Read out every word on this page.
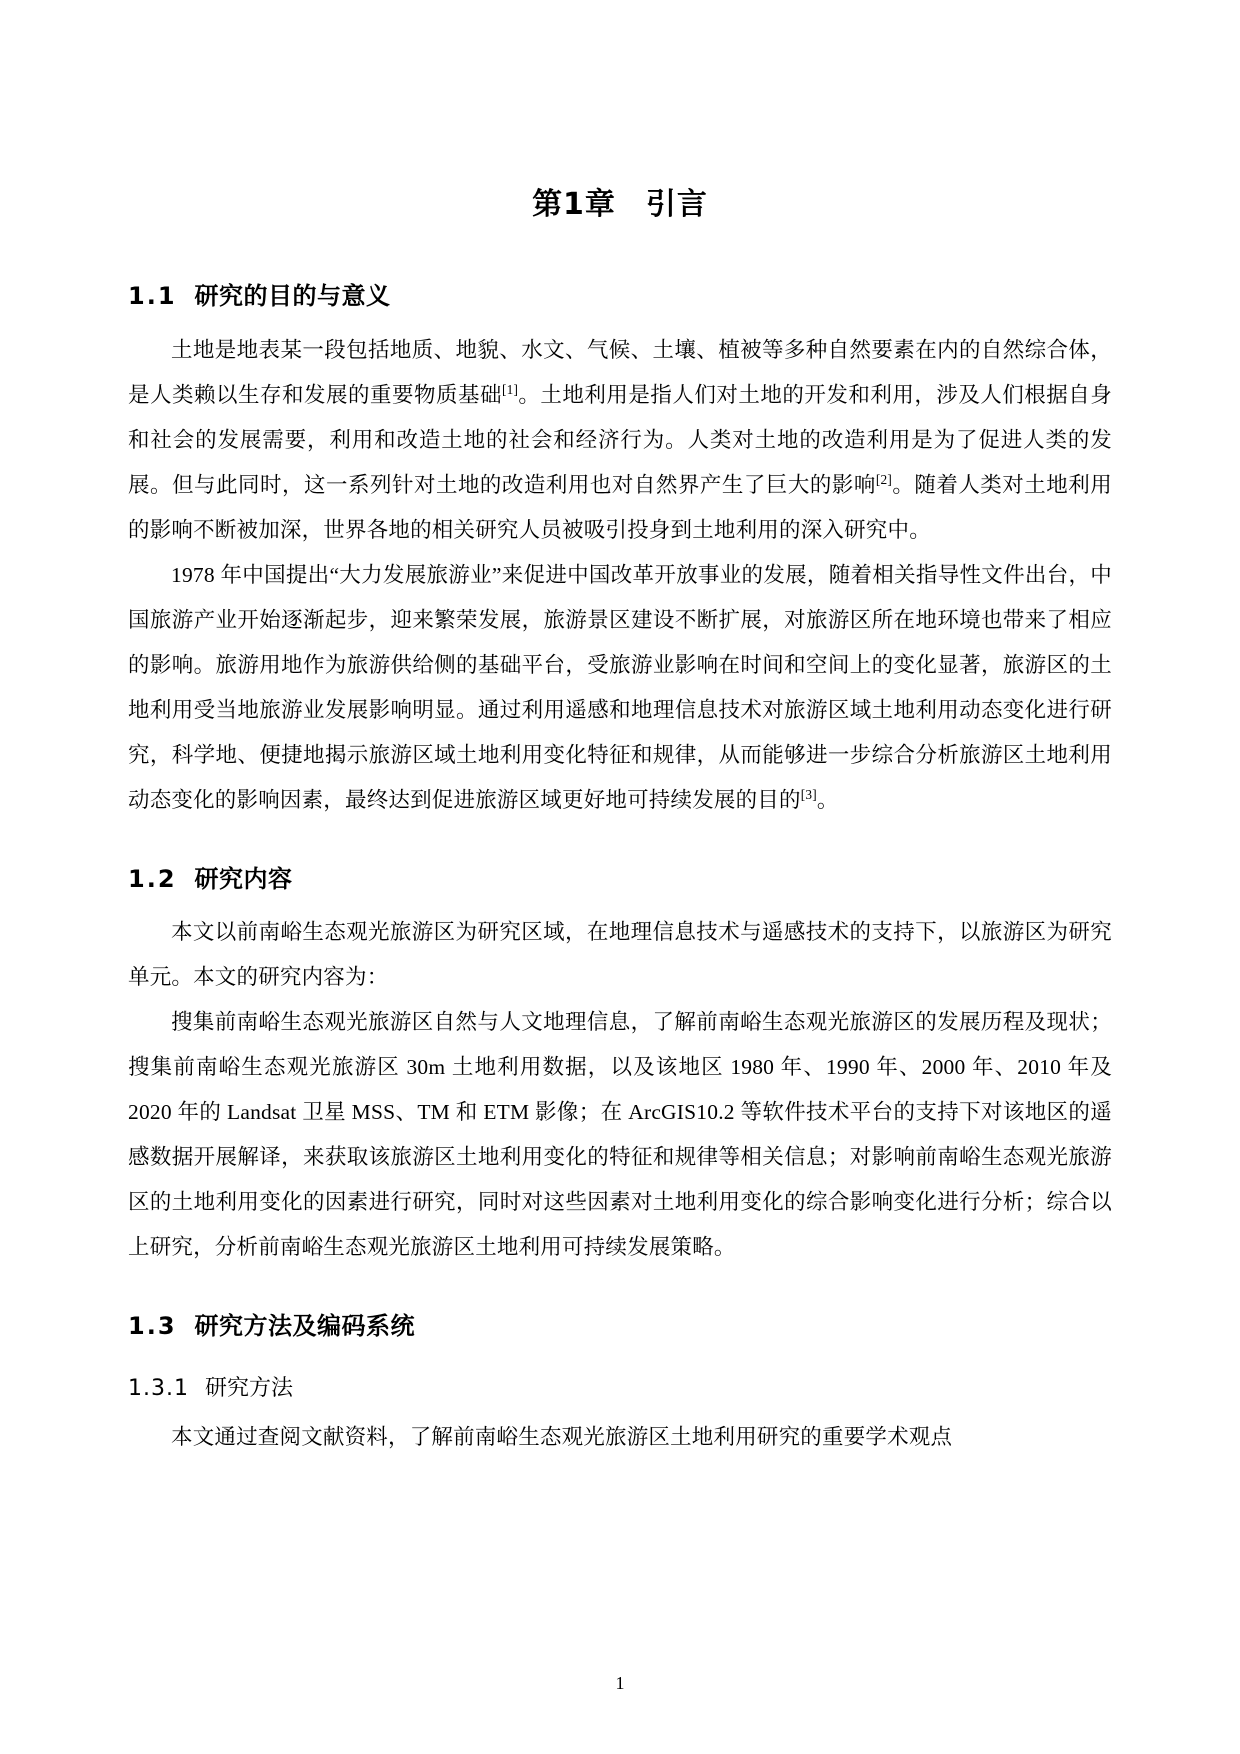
第1章 引言
1.1 研究的目的与意义

土地是地表某一段包括地质、地貌、水文、气候、土壤、植被等多种自然要素在内的自然综合体，是人类赖以生存和发展的重要物质基础[1]。土地利用是指人们对土地的开发和利用，涉及人们根据自身和社会的发展需要，利用和改造土地的社会和经济行为。人类对土地的改造利用是为了促进人类的发展。但与此同时，这一系列针对土地的改造利用也对自然界产生了巨大的影响[2]。随着人类对土地利用的影响不断被加深，世界各地的相关研究人员被吸引投身到土地利用的深入研究中。

1978 年中国提出“大力发展旅游业”来促进中国改革开放事业的发展，随着相关指导性文件出台，中国旅游产业开始逐渐起步，迎来繁荣发展，旅游景区建设不断扩展，对旅游区所在地环境也带来了相应的影响。旅游用地作为旅游供给侧的基础平台，受旅游业影响在时间和空间上的变化显著，旅游区的土地利用受当地旅游业发展影响明显。通过利用遥感和地理信息技术对旅游区域土地利用动态变化进行研究，科学地、便捷地揭示旅游区域土地利用变化特征和规律，从而能够进一步综合分析旅游区土地利用动态变化的影响因素，最终达到促进旅游区域更好地可持续发展的目的[3]。

1.2 研究内容

本文以前南峪生态观光旅游区为研究区域，在地理信息技术与遥感技术的支持下，以旅游区为研究单元。本文的研究内容为：

搜集前南峪生态观光旅游区自然与人文地理信息，了解前南峪生态观光旅游区的发展历程及现状；搜集前南峪生态观光旅游区 30m 土地利用数据，以及该地区 1980 年、1990 年、2000 年、2010 年及 2020 年的 Landsat 卫星 MSS、TM 和 ETM 影像；在 ArcGIS10.2 等软件技术平台的支持下对该地区的遥感数据开展解译，来获取该旅游区土地利用变化的特征和规律等相关信息；对影响前南峪生态观光旅游区的土地利用变化的因素进行研究，同时对这些因素对土地利用变化的综合影响变化进行分析；综合以上研究，分析前南峪生态观光旅游区土地利用可持续发展策略。

1.3 研究方法及编码系统
1.3.1 研究方法

本文通过查阅文献资料，了解前南峪生态观光旅游区土地利用研究的重要学术观点

1
